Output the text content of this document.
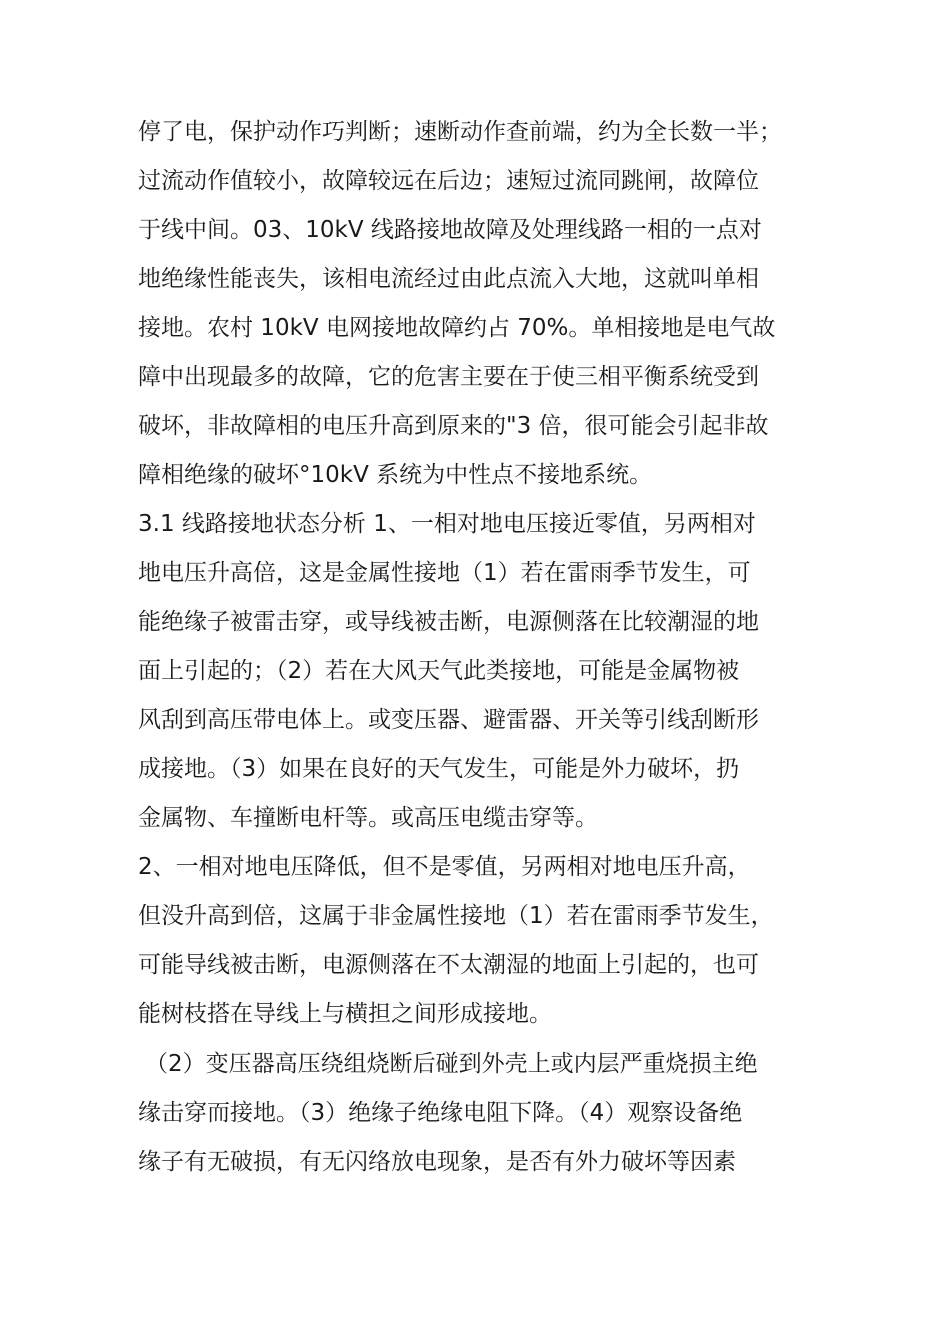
停了电，保护动作巧判断；速断动作查前端，约为全长数一半；
过流动作值较小，故障较远在后边；速短过流同跳闸，故障位
于线中间。03、10kV 线路接地故障及处理线路一相的一点对
地绝缘性能丧失，该相电流经过由此点流入大地，这就叫单相
接地。农村 10kV 电网接地故障约占 70%。单相接地是电气故
障中出现最多的故障，它的危害主要在于使三相平衡系统受到
破坏，非故障相的电压升高到原来的"3 倍，很可能会引起非故
障相绝缘的破坏°10kV 系统为中性点不接地系统。
3.1 线路接地状态分析 1、一相对地电压接近零值，另两相对
地电压升高倍，这是金属性接地（1）若在雷雨季节发生，可
能绝缘子被雷击穿，或导线被击断，电源侧落在比较潮湿的地
面上引起的；（2）若在大风天气此类接地，可能是金属物被
风刮到高压带电体上。或变压器、避雷器、开关等引线刮断形
成接地。（3）如果在良好的天气发生，可能是外力破坏，扔
金属物、车撞断电杆等。或高压电缆击穿等。
2、一相对地电压降低，但不是零值，另两相对地电压升高，
但没升高到倍，这属于非金属性接地（1）若在雷雨季节发生，
可能导线被击断，电源侧落在不太潮湿的地面上引起的，也可
能树枝搭在导线上与横担之间形成接地。
（2）变压器高压绕组烧断后碰到外壳上或内层严重烧损主绝
缘击穿而接地。（3）绝缘子绝缘电阻下降。（4）观察设备绝
缘子有无破损，有无闪络放电现象，是否有外力破坏等因素
